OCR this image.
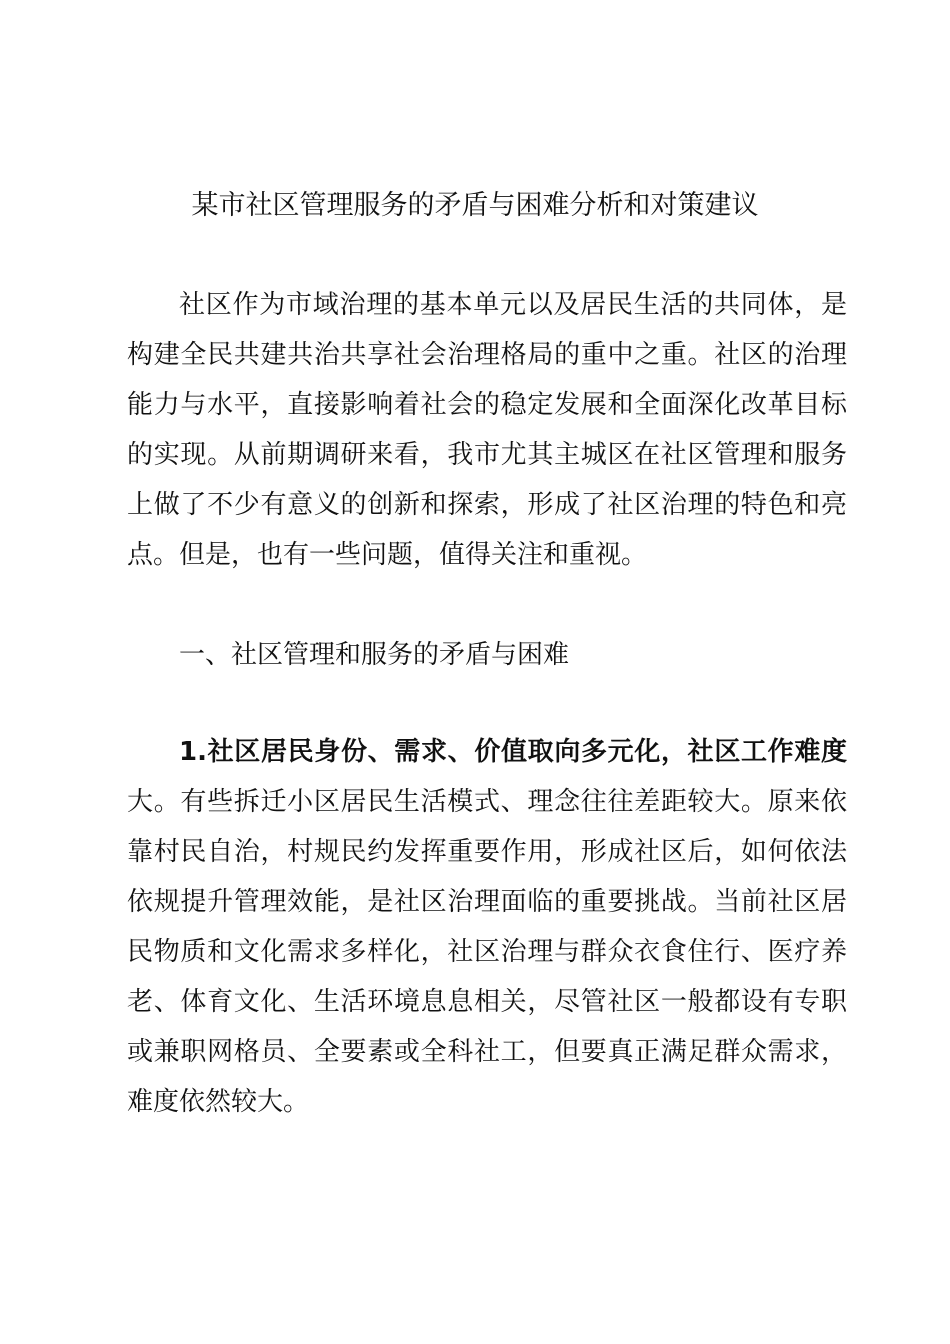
某市社区管理服务的矛盾与困难分析和对策建议

社区作为市域治理的基本单元以及居民生活的共同体，是构建全民共建共治共享社会治理格局的重中之重。社区的治理能力与水平，直接影响着社会的稳定发展和全面深化改革目标的实现。从前期调研来看，我市尤其主城区在社区管理和服务上做了不少有意义的创新和探索，形成了社区治理的特色和亮点。但是，也有一些问题，值得关注和重视。

一、社区管理和服务的矛盾与困难

1.社区居民身份、需求、价值取向多元化，社区工作难度大。有些拆迁小区居民生活模式、理念往往差距较大。原来依靠村民自治，村规民约发挥重要作用，形成社区后，如何依法依规提升管理效能，是社区治理面临的重要挑战。当前社区居民物质和文化需求多样化，社区治理与群众衣食住行、医疗养老、体育文化、生活环境息息相关，尽管社区一般都设有专职或兼职网格员、全要素或全科社工，但要真正满足群众需求，难度依然较大。
